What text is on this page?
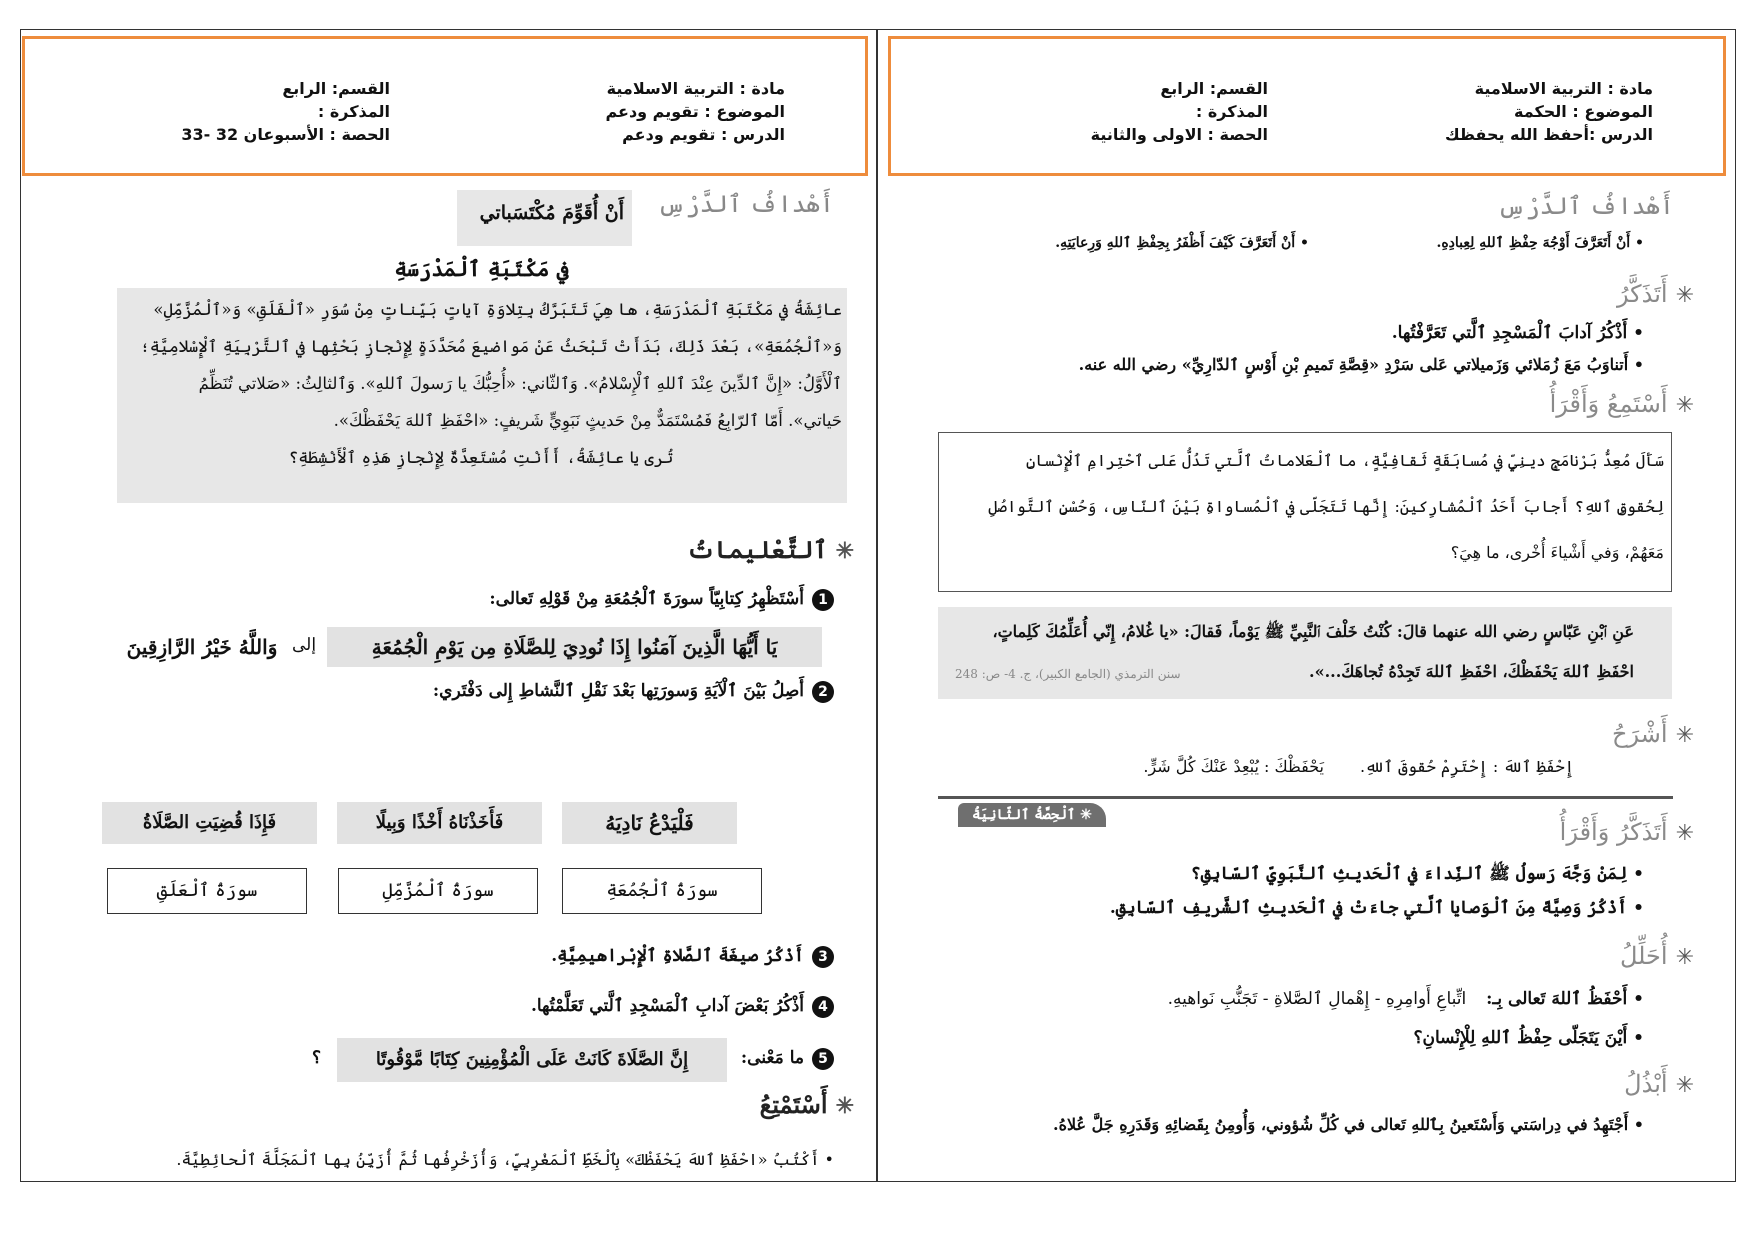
مادة : التربية الاسلامية
الموضوع : تقويم ودعم
الدرس : تقويم ودعم
القسم: الرابع
المذكرة :
الحصة : الأسبوعان 32 -33
أَهْدافُ ٱلدَّرْسِ
أَنْ أُقَوِّمَ مُكْتَسَباتي
في مَكْتَبَةِ ٱلْمَدْرَسَةِ
عائِشَةُ في مَكْتَبَةِ ٱلْمَدْرَسَةِ، ها هِيَ تَتَبَرَّكُ بِتِلاوَةِ آياتٍ بَيِّناتٍ مِنْ سُوَرِ «ٱلْفَلَقِ» وَ«ٱلْمُزَّمِّلِ»
وَ«ٱلْجُمُعَةِ»، بَعْدَ ذَلِكَ، بَدَأَتْ تَبْحَثُ عَنْ مَواضيعَ مُحَدَّدَةٍ لِإِنْجازِ بَحْثِها في ٱلتَّرْبِيَةِ ٱلْإِسْلامِيَّةِ؛
ٱلْأَوَّلُ: «إِنَّ ٱلدِّينَ عِنْدَ ٱللهِ ٱلْإِسْلامُ». وَٱلثّاني: «أُحِبُّكَ يا رَسولَ ٱللهِ». وَٱلثالِثُ: «صَلاتي تُنَظِّمُ
حَياتي». أَمّا ٱلرّابِعُ فَمُسْتَمَدٌّ مِنْ حَديثٍ نَبَوِيٍّ شَريفٍ: «احْفَظِ ٱللهَ يَحْفَظْكَ».
تُرى يا عائِشَةُ، أَأَنْتِ مُسْتَعِدَّةٌ لِإِنْجازِ هَذِهِ ٱلْأَنْشِطَةِ؟
✳ٱلتَّعْليماتُ
1أَسْتَظْهِرُ كِتابِيّاً سورَةَ ٱلْجُمُعَةِ مِنْ قَوْلِهِ تَعالى:
يَا أَيُّهَا الَّذِينَ آمَنُوا إِذَا نُودِيَ لِلصَّلَاةِ مِن يَوْمِ الْجُمُعَةِ
إلى
وَاللَّهُ خَيْرُ الرَّازِقِينَ
2أَصِلُ بَيْنَ ٱلْآيَةِ وَسورَتِها بَعْدَ نَقْلِ ٱلنَّشاطِ إِلى دَفْتَري:
فَلْيَدْعُ نَادِيَهُ
فَأَخَذْنَاهُ أَخْذًا وَبِيلًا
فَإِذَا قُضِيَتِ الصَّلَاةُ
سورَةُ ٱلْجُمُعَةِ
سورَةُ ٱلْمُزَّمِّلِ
سورَةُ ٱلْعَلَقِ
3أَذْكُرُ صيغَةَ ٱلصَّلاةِ ٱلْإِبْراهيمِيَّةِ.
4أَذْكُرُ بَعْضَ آدابِ ٱلْمَسْجِدِ ٱلَّتي تَعَلَّمْتُها.
5ما مَعْنى:
إِنَّ الصَّلَاةَ كَانَتْ عَلَى الْمُؤْمِنِينَ كِتَابًا مَّوْقُوتًا
؟
✳أَسْتَمْتِعُ
• أَكْتُبُ «احْفَظِ ٱللهَ يَحْفَظْكَ» بِٱلْخَطِّ ٱلْمَغْرِبِيِّ، وَأُزَخْرِفُها ثُمَّ أُزَيِّنُ بِها ٱلْمَجَلَّةَ ٱلْحائِطِيَّةَ.
مادة : التربية الاسلامية
الموضوع : الحكمة
الدرس :أحفظ الله يحفظك
القسم: الرابع
المذكرة :
الحصة : الاولى والثانية
أَهْدافُ ٱلدَّرْسِ
• أَنْ أَتَعَرَّفَ أَوْجُهَ حِفْظِ ٱللهِ لِعِبادِهِ.
• أَنْ أَتَعَرَّفَ كَيْفَ أَظْفَرُ بِحِفْظِ ٱللهِ وَرِعايَتِهِ.
✳أَتَذَكَّرُ
• أَذْكُرُ آدابَ ٱلْمَسْجِدِ ٱلَّتي تَعَرَّفْتُها.
• أَتناوَبُ مَعَ زُمَلائي وَزَميلاتي عَلى سَرْدِ «قِصَّةِ تَميمِ بْنِ أَوْسٍ ٱلدّارِيِّ» رضي الله عنه.
✳أَسْتَمِعُ وَأَقْرَأُ
سَأَلَ مُعِدُّ بَرْنامَجٍ دينِيٍّ في مُسابَقَةٍ ثَقافِيَّةٍ، ما ٱلْعَلاماتُ ٱلَّتي تَدُلُّ عَلى ٱحْتِرامِ ٱلْإِنْسانِ
لِحُقوقِ ٱللهِ؟ أَجابَ أَحَدُ ٱلْمُشارِكينَ: إِنَّها تَتَجَلّى في ٱلْمُساواةِ بَيْنَ ٱلنّاسِ، وَحُسْنِ ٱلتَّواصُلِ
مَعَهُمْ، وَفي أَشْياءَ أُخْرى، ما هِيَ؟
عَنِ ٱبْنِ عَبّاسٍ رضي الله عنهما قالَ: كُنْتُ خَلْفَ ٱلنَّبِيِّ ﷺ يَوْماً، فَقالَ: «يا غُلامُ، إِنّي أُعَلِّمُكَ كَلِماتٍ،
احْفَظِ ٱللهَ يَحْفَظْكَ، احْفَظِ ٱللهَ تَجِدْهُ تُجاهَكَ...».
سنن الترمذي (الجامع الكبير)، ج. 4- ص: 248
✳أَشْرَحُ
إِحْفَظِ ٱللهَ : إِحْتَرِمْ حُقوقَ ٱللهِ.
يَحْفَظْكَ : يُبْعِدْ عَنْكَ كُلَّ شَرٍّ.
✳ ٱلْحِصَّةُ ٱلثّانِيَةُ
✳أَتَذَكَّرُ وَأَقْرَأُ
• لِمَنْ وَجَّهَ رَسولُ ﷺ ٱلنِّداءَ في ٱلْحَديثِ ٱلنَّبَوِيِّ ٱلسّابِقِ؟
• أَذْكُرُ وَصِيَّةً مِنَ ٱلْوَصايا ٱلَّتي جاءَتْ في ٱلْحَديثِ ٱلشَّريفِ ٱلسّابِقِ.
✳أُحَلِّلُ
• أَحْفَظُ ٱللهَ تَعالى بِـ: اتِّباعِ أَوامِرِهِ - إِهْمالِ ٱلصَّلاةِ - تَجَنُّبِ نَواهيهِ.
• أَيْنَ يَتَجَلّى حِفْظُ ٱللهِ لِلْإِنْسانِ؟
✳أَبْذُلُ
• أَجْتَهِدُ في دِراسَتي وَأَسْتَعينُ بِٱللهِ تَعالى في كُلِّ شُؤوني، وَأُومِنُ بِقَضائِهِ وَقَدَرِهِ جَلَّ عُلاهُ.
